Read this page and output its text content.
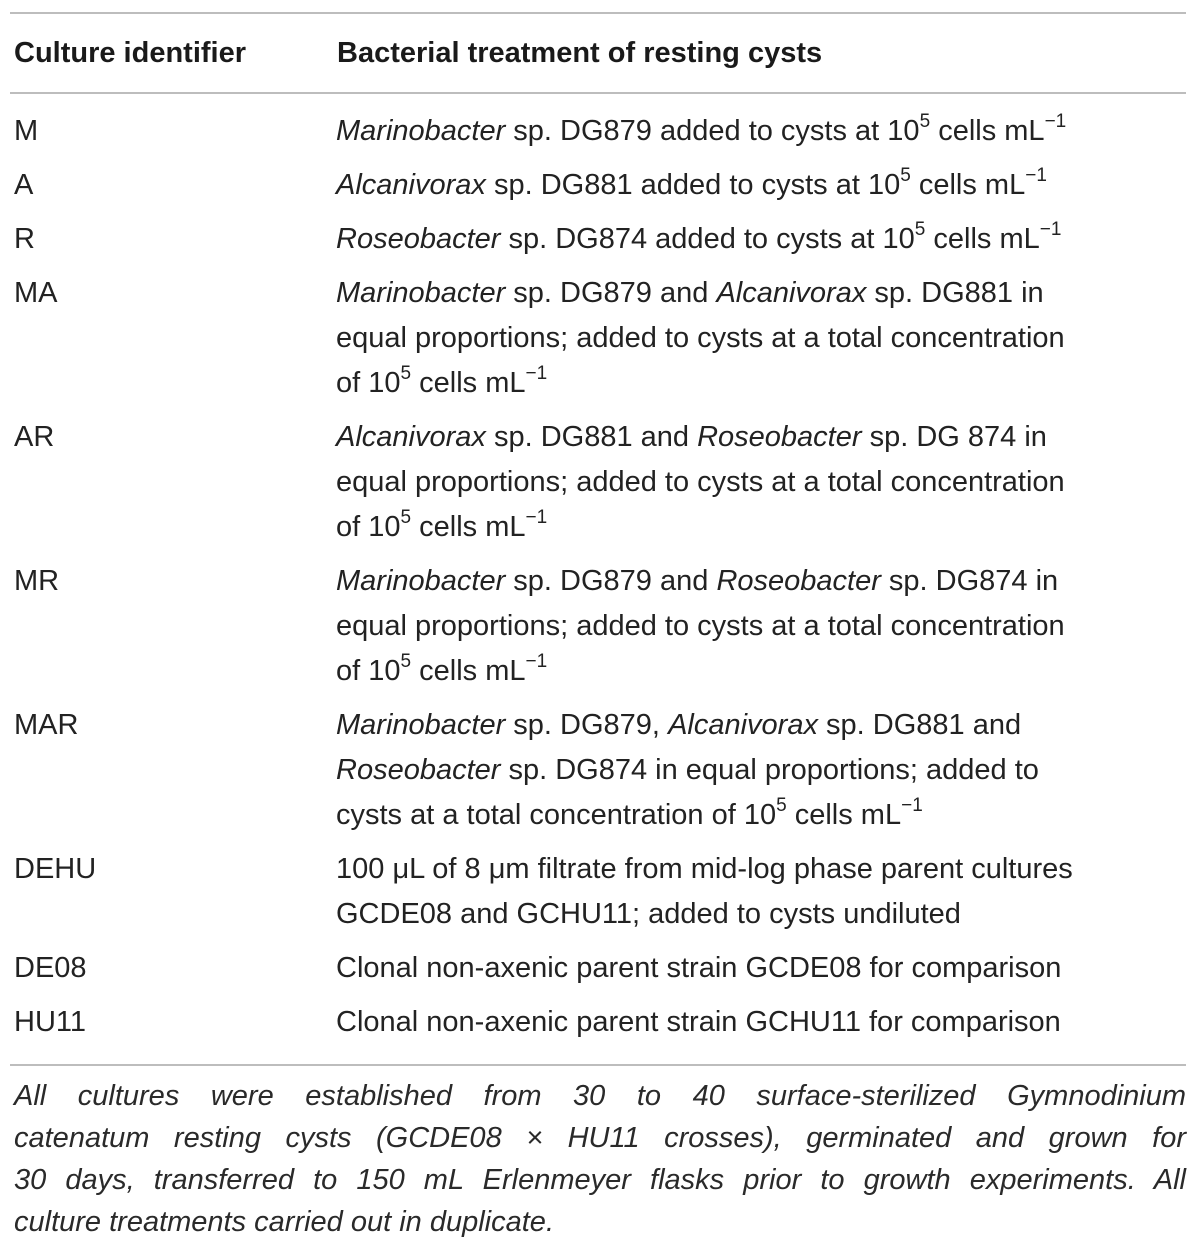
Culture identifier	Bacterial treatment of resting cysts
M	Marinobacter sp. DG879 added to cysts at $10^5$ cells $mL^{-1}$
A	Alcanivorax sp. DG881 added to cysts at $10^5$ cells $mL^{-1}$
R	Roseobacter sp. DG874 added to cysts at $10^5$ cells $mL^{-1}$
MA	Marinobacter sp. DG879 and Alcanivorax sp. DG881 in
equal proportions; added to cysts at a total concentration
of $10^5$ cells $mL^{-1}$
AR	Alcanivorax sp. DG881 and Roseobacter sp. DG 874 in
equal proportions; added to cysts at a total concentration
of $10^5$ cells $mL^{-1}$
MR	Marinobacter sp. DG879 and Roseobacter sp. DG874 in
equal proportions; added to cysts at a total concentration
of $10^5$ cells $mL^{-1}$
MAR	Marinobacter sp. DG879, Alcanivorax sp. DG881 and
Roseobacter sp. DG874 in equal proportions; added to
cysts at a total concentration of $10^5$ cells $mL^{-1}$
DEHU	100 μL of 8 μm filtrate from mid-log phase parent cultures
GCDE08 and GCHU11; added to cysts undiluted
DE08	Clonal non-axenic parent strain GCDE08 for comparison
HU11	Clonal non-axenic parent strain GCHU11 for comparison
All cultures were established from 30 to 40 surface-sterilized Gymnodinium
catenatum resting cysts (GCDE08 × HU11 crosses), germinated and grown for
30 days, transferred to 150 mL Erlenmeyer flasks prior to growth experiments. All
culture treatments carried out in duplicate.
